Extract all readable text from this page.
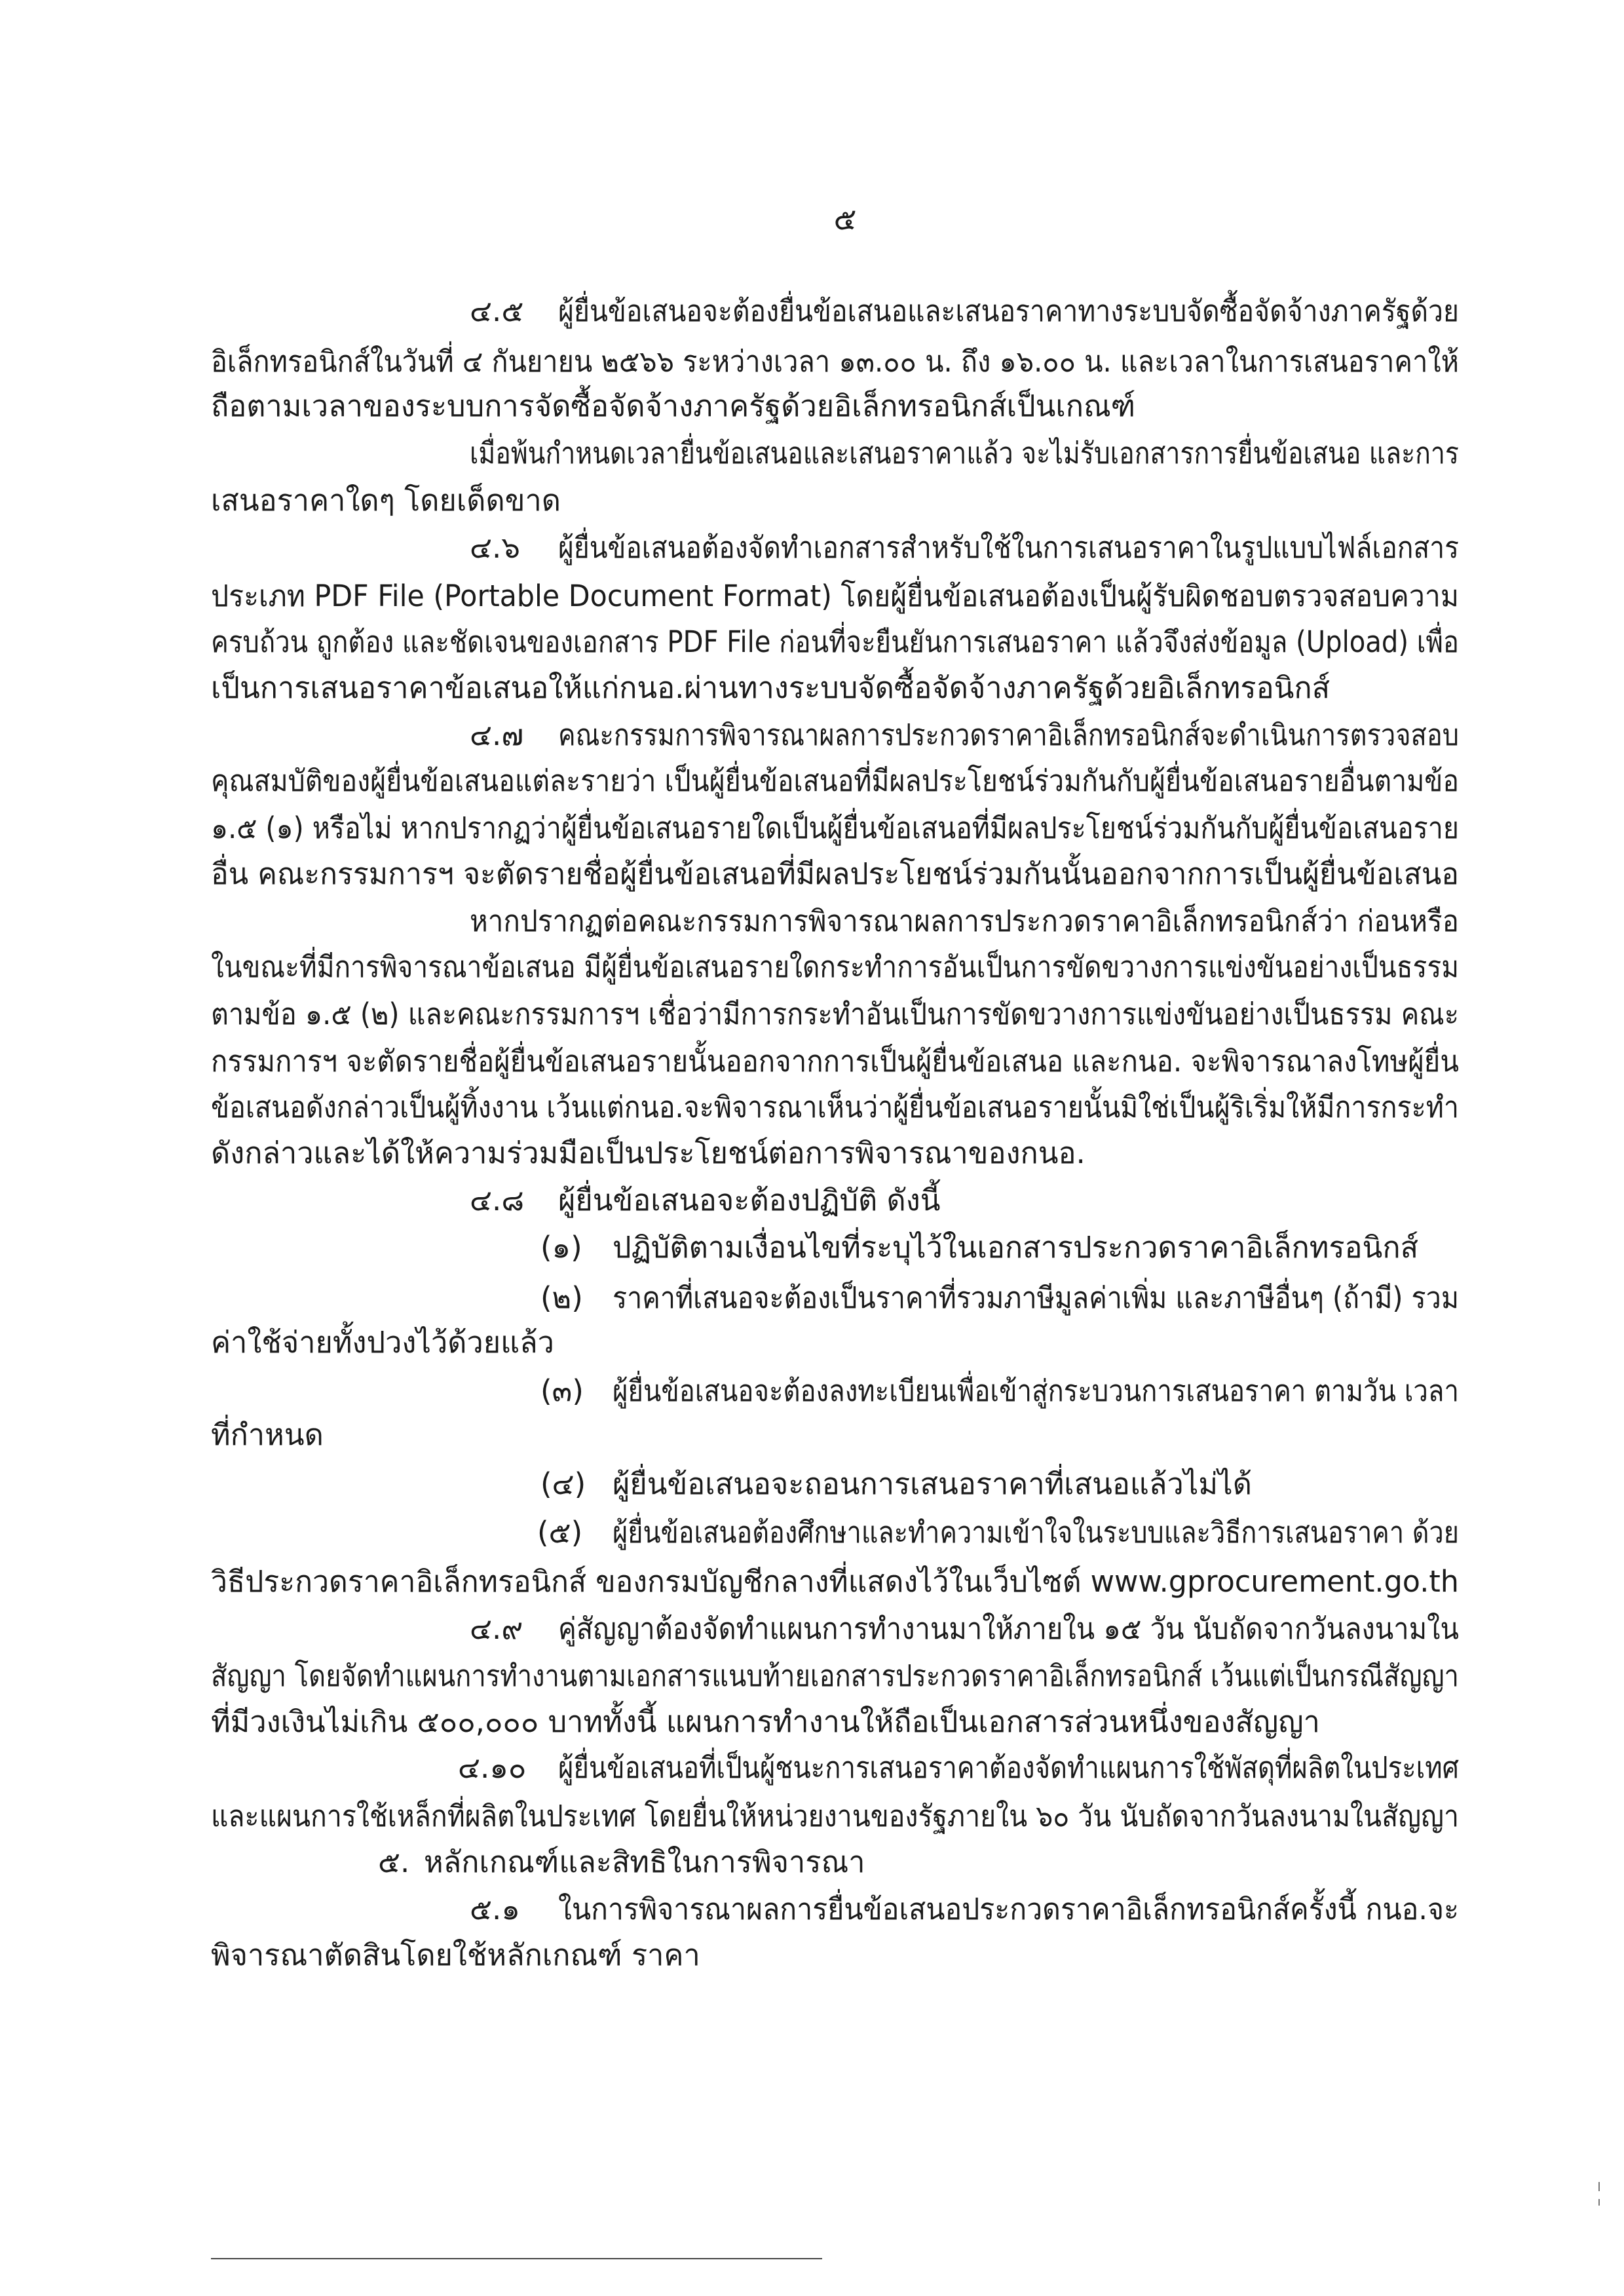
๕
๔.๕ ผู้ยื่นข้อเสนอจะต้องยื่นข้อเสนอและเสนอราคาทางระบบจัดซื้อจัดจ้างภาครัฐด้วย
อิเล็กทรอนิกส์ในวันที่ ๔ กันยายน ๒๕๖๖ ระหว่างเวลา ๑๓.๐๐ น. ถึง ๑๖.๐๐ น. และเวลาในการเสนอราคาให้
ถือตามเวลาของระบบการจัดซื้อจัดจ้างภาครัฐด้วยอิเล็กทรอนิกส์เป็นเกณฑ์
เมื่อพ้นกำหนดเวลายื่นข้อเสนอและเสนอราคาแล้ว จะไม่รับเอกสารการยื่นข้อเสนอ และการ
เสนอราคาใดๆ โดยเด็ดขาด
๔.๖ ผู้ยื่นข้อเสนอต้องจัดทำเอกสารสำหรับใช้ในการเสนอราคาในรูปแบบไฟล์เอกสาร
ประเภท PDF File (Portable Document Format) โดยผู้ยื่นข้อเสนอต้องเป็นผู้รับผิดชอบตรวจสอบความ
ครบถ้วน ถูกต้อง และชัดเจนของเอกสาร PDF File ก่อนที่จะยืนยันการเสนอราคา แล้วจึงส่งข้อมูล (Upload) เพื่อ
เป็นการเสนอราคาข้อเสนอให้แก่กนอ.ผ่านทางระบบจัดซื้อจัดจ้างภาครัฐด้วยอิเล็กทรอนิกส์
๔.๗ คณะกรรมการพิจารณาผลการประกวดราคาอิเล็กทรอนิกส์จะดำเนินการตรวจสอบ
คุณสมบัติของผู้ยื่นข้อเสนอแต่ละรายว่า เป็นผู้ยื่นข้อเสนอที่มีผลประโยชน์ร่วมกันกับผู้ยื่นข้อเสนอรายอื่นตามข้อ
๑.๕ (๑) หรือไม่ หากปรากฏว่าผู้ยื่นข้อเสนอรายใดเป็นผู้ยื่นข้อเสนอที่มีผลประโยชน์ร่วมกันกับผู้ยื่นข้อเสนอราย
อื่น คณะกรรมการฯ จะตัดรายชื่อผู้ยื่นข้อเสนอที่มีผลประโยชน์ร่วมกันนั้นออกจากการเป็นผู้ยื่นข้อเสนอ
หากปรากฏต่อคณะกรรมการพิจารณาผลการประกวดราคาอิเล็กทรอนิกส์ว่า ก่อนหรือ
ในขณะที่มีการพิจารณาข้อเสนอ มีผู้ยื่นข้อเสนอรายใดกระทำการอันเป็นการขัดขวางการแข่งขันอย่างเป็นธรรม
ตามข้อ ๑.๕ (๒) และคณะกรรมการฯ เชื่อว่ามีการกระทำอันเป็นการขัดขวางการแข่งขันอย่างเป็นธรรม คณะ
กรรมการฯ จะตัดรายชื่อผู้ยื่นข้อเสนอรายนั้นออกจากการเป็นผู้ยื่นข้อเสนอ และกนอ. จะพิจารณาลงโทษผู้ยื่น
ข้อเสนอดังกล่าวเป็นผู้ทิ้งงาน เว้นแต่กนอ.จะพิจารณาเห็นว่าผู้ยื่นข้อเสนอรายนั้นมิใช่เป็นผู้ริเริ่มให้มีการกระทำ
ดังกล่าวและได้ให้ความร่วมมือเป็นประโยชน์ต่อการพิจารณาของกนอ.
๔.๘ ผู้ยื่นข้อเสนอจะต้องปฏิบัติ ดังนี้
(๑) ปฏิบัติตามเงื่อนไขที่ระบุไว้ในเอกสารประกวดราคาอิเล็กทรอนิกส์
(๒) ราคาที่เสนอจะต้องเป็นราคาที่รวมภาษีมูลค่าเพิ่ม และภาษีอื่นๆ (ถ้ามี) รวม
ค่าใช้จ่ายทั้งปวงไว้ด้วยแล้ว
(๓) ผู้ยื่นข้อเสนอจะต้องลงทะเบียนเพื่อเข้าสู่กระบวนการเสนอราคา ตามวัน เวลา
ที่กำหนด
(๔) ผู้ยื่นข้อเสนอจะถอนการเสนอราคาที่เสนอแล้วไม่ได้
(๕) ผู้ยื่นข้อเสนอต้องศึกษาและทำความเข้าใจในระบบและวิธีการเสนอราคา ด้วย
วิธีประกวดราคาอิเล็กทรอนิกส์ ของกรมบัญชีกลางที่แสดงไว้ในเว็บไซต์ www.gprocurement.go.th
๔.๙ คู่สัญญาต้องจัดทำแผนการทำงานมาให้ภายใน ๑๕ วัน นับถัดจากวันลงนามใน
สัญญา โดยจัดทำแผนการทำงานตามเอกสารแนบท้ายเอกสารประกวดราคาอิเล็กทรอนิกส์ เว้นแต่เป็นกรณีสัญญา
ที่มีวงเงินไม่เกิน ๕๐๐,๐๐๐ บาททั้งนี้ แผนการทำงานให้ถือเป็นเอกสารส่วนหนึ่งของสัญญา
๔.๑๐ ผู้ยื่นข้อเสนอที่เป็นผู้ชนะการเสนอราคาต้องจัดทำแผนการใช้พัสดุที่ผลิตในประเทศ
และแผนการใช้เหล็กที่ผลิตในประเทศ โดยยื่นให้หน่วยงานของรัฐภายใน ๖๐ วัน นับถัดจากวันลงนามในสัญญา
๕. หลักเกณฑ์และสิทธิในการพิจารณา
๕.๑ ในการพิจารณาผลการยื่นข้อเสนอประกวดราคาอิเล็กทรอนิกส์ครั้งนี้ กนอ.จะ
พิจารณาตัดสินโดยใช้หลักเกณฑ์ ราคา
